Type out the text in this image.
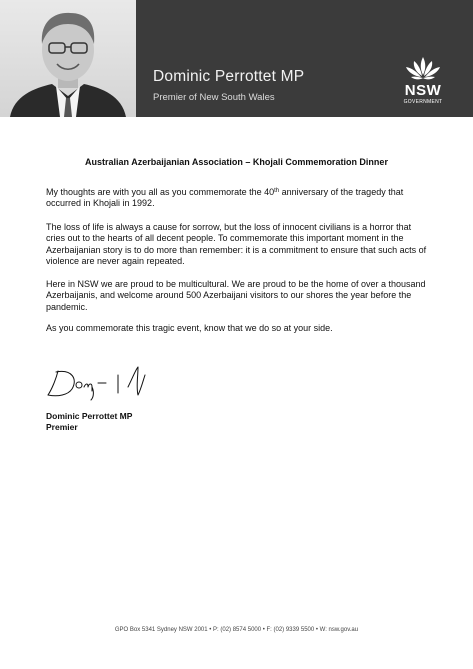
Dominic Perrottet MP
Premier of New South Wales	NSW
GOVERNMENT
Australian Azerbaijanian Association – Khojali Commemoration Dinner

My thoughts are with you all as you commemorate the 40th anniversary of the tragedy that occurred in Khojali in 1992.

The loss of life is always a cause for sorrow, but the loss of innocent civilians is a horror that cries out to the hearts of all decent people. To commemorate this important moment in the Azerbaijanian story is to do more than remember: it is a commitment to ensure that such acts of violence are never again repeated.

Here in NSW we are proud to be multicultural. We are proud to be the home of over a thousand Azerbaijanis, and welcome around 500 Azerbaijani visitors to our shores the year before the pandemic.

As you commemorate this tragic event, know that we do so at your side.

Dominic Perrottet MP
Premier
GPO Box 5341 Sydney NSW 2001 • P: (02) 8574 5000 • F: (02) 9339 5500 • W: nsw.gov.au
